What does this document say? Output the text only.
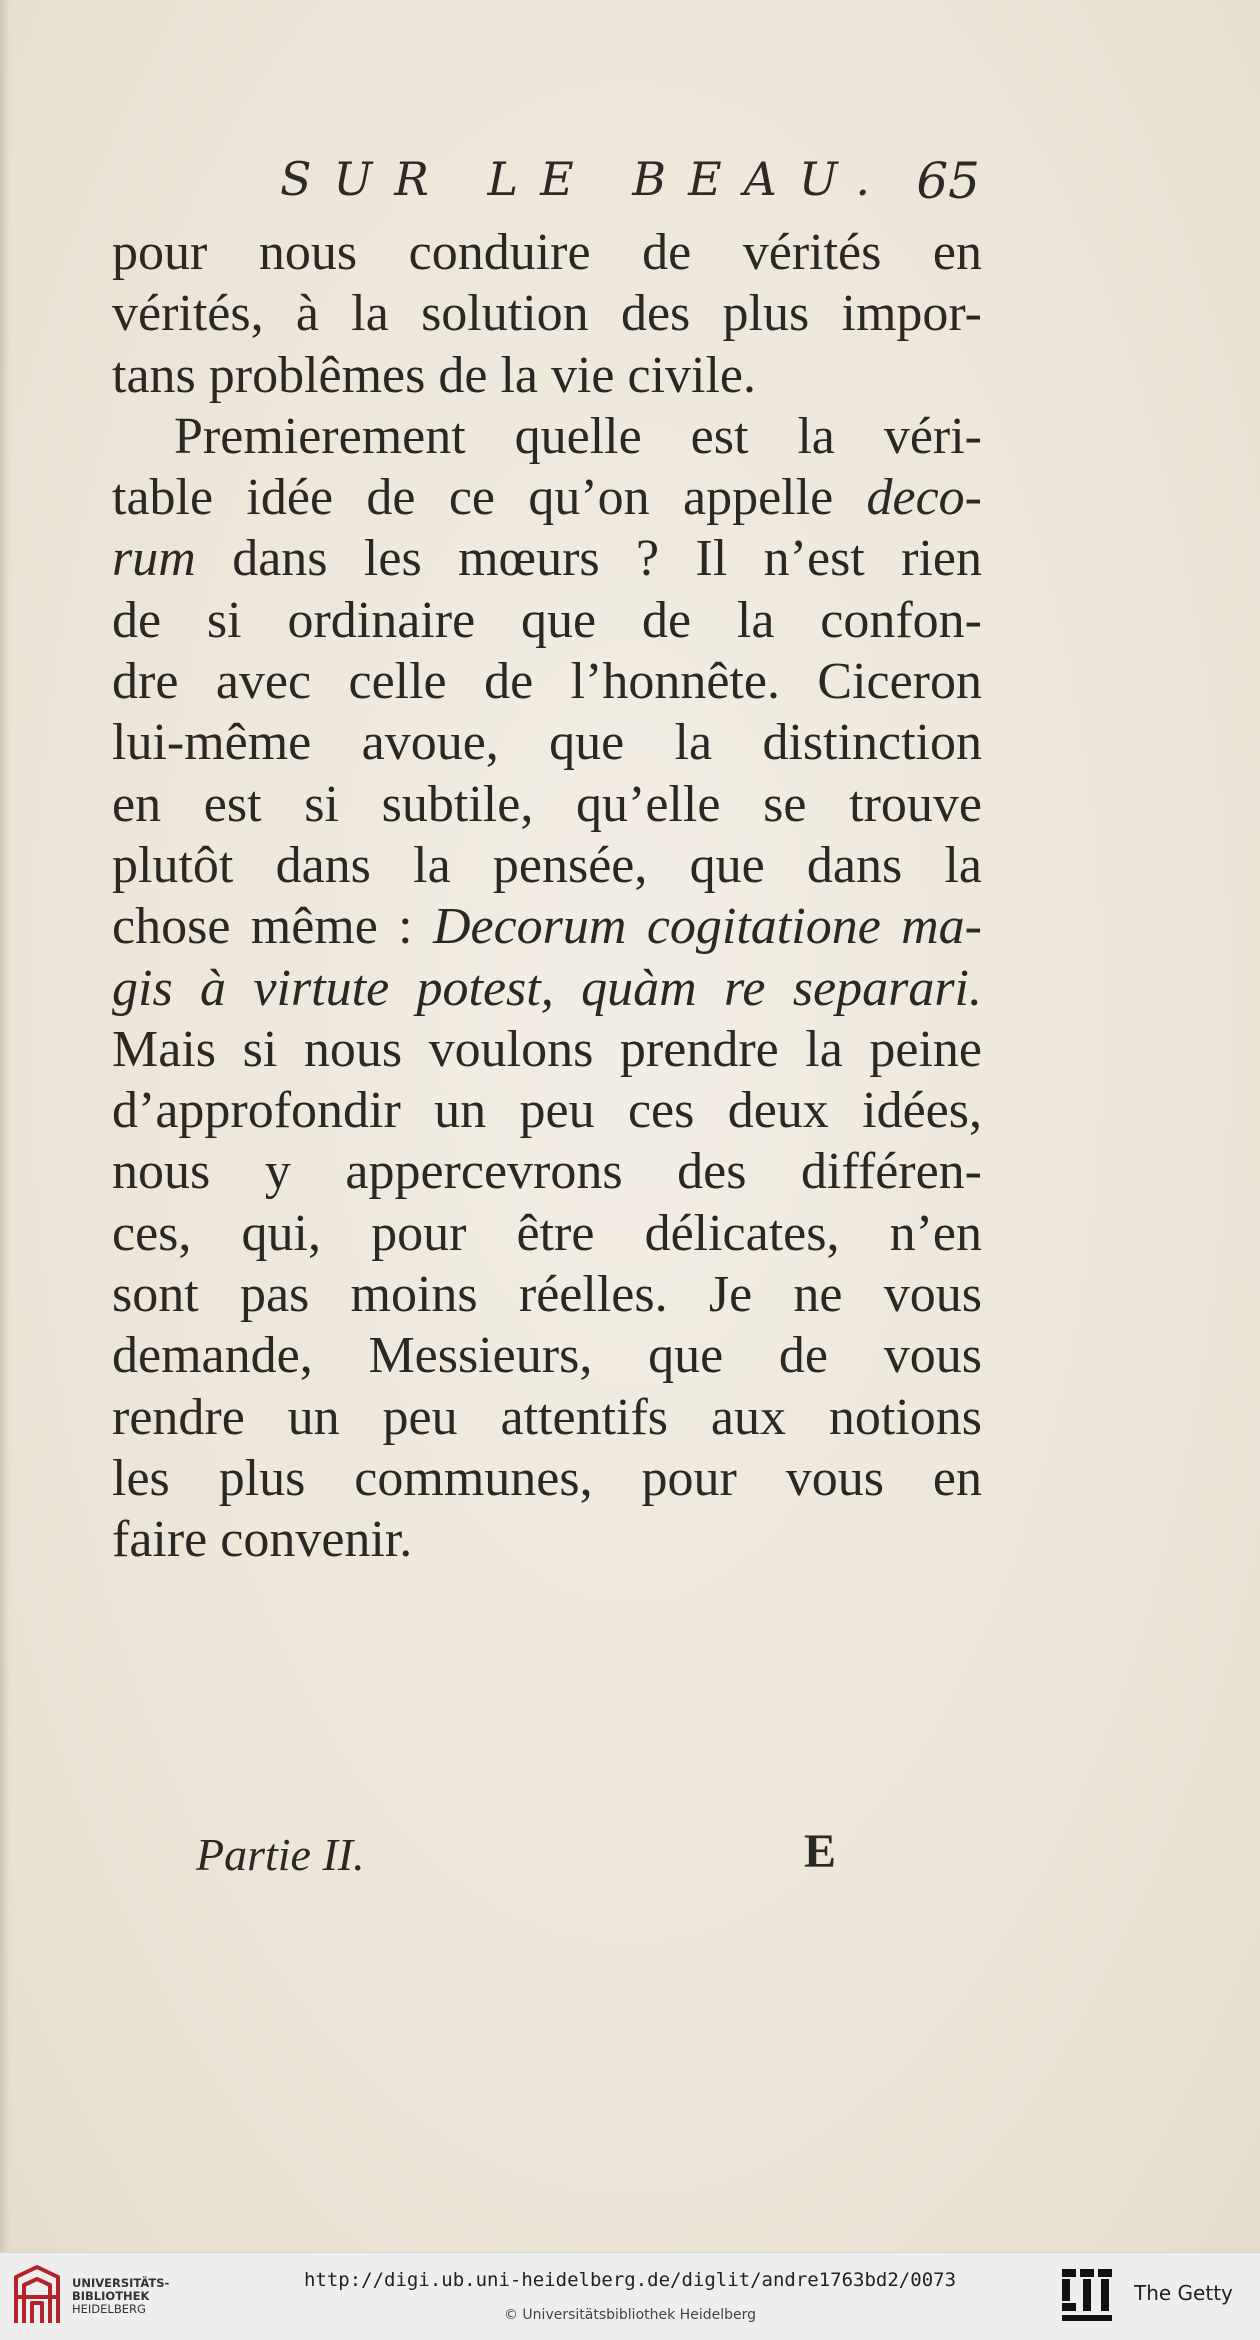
SUR LE BEAU. 65
pour nous conduire de vérités en
vérités, à la solution des plus impor-
tans problêmes de la vie civile.
Premierement quelle est la véri-
table idée de ce qu’on appelle deco-
rum dans les mœurs ? Il n’est rien
de si ordinaire que de la confon-
dre avec celle de l’honnête. Ciceron
lui-même avoue, que la distinction
en est si subtile, qu’elle se trouve
plutôt dans la pensée, que dans la
chose même : Decorum cogitatione ma-
gis à virtute potest, quàm re separari.
Mais si nous voulons prendre la peine
d’approfondir un peu ces deux idées,
nous y appercevrons des différen-
ces, qui, pour être délicates, n’en
sont pas moins réelles. Je ne vous
demande, Messieurs, que de vous
rendre un peu attentifs aux notions
les plus communes, pour vous en
faire convenir.
Partie II.	E
UNIVERSITÄTS-
BIBLIOTHEK
HEIDELBERG
http://digi.ub.uni-heidelberg.de/diglit/andre1763bd2/0073
© Universitätsbibliothek Heidelberg
The Getty
